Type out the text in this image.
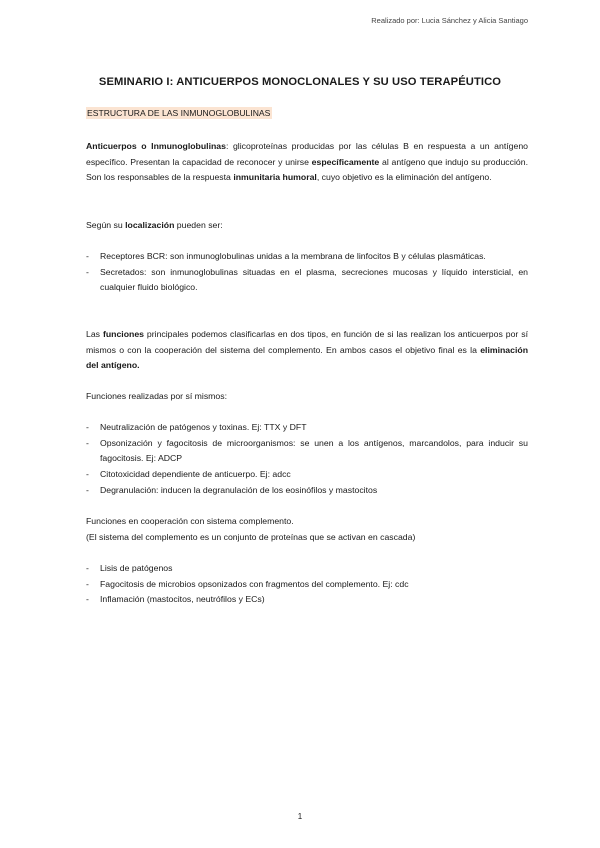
Realizado por: Lucia Sánchez y Alicia Santiago
SEMINARIO I: ANTICUERPOS MONOCLONALES Y SU USO TERAPÉUTICO
ESTRUCTURA DE LAS INMUNOGLOBULINAS

Anticuerpos o Inmunoglobulinas: glicoproteínas producidas por las células B en respuesta a un antígeno específico. Presentan la capacidad de reconocer y unirse específicamente al antígeno que indujo su producción. Son los responsables de la respuesta inmunitaria humoral, cuyo objetivo es la eliminación del antígeno.

Según su localización pueden ser:

- Receptores BCR: son inmunoglobulinas unidas a la membrana de linfocitos B y células plasmáticas.
- Secretados: son inmunoglobulinas situadas en el plasma, secreciones mucosas y líquido intersticial, en cualquier fluido biológico.

Las funciones principales podemos clasificarlas en dos tipos, en función de si las realizan los anticuerpos por sí mismos o con la cooperación del sistema del complemento. En ambos casos el objetivo final es la eliminación del antígeno.

Funciones realizadas por sí mismos:

- Neutralización de patógenos y toxinas. Ej: TTX y DFT
- Opsonización y fagocitosis de microorganismos: se unen a los antígenos, marcandolos, para inducir su fagocitosis. Ej: ADCP
- Citotoxicidad dependiente de anticuerpo. Ej: adcc
- Degranulación: inducen la degranulación de los eosinófilos y mastocitos

Funciones en cooperación con sistema complemento.

(El sistema del complemento es un conjunto de proteínas que se activan en cascada)

- Lisis de patógenos
- Fagocitosis de microbios opsonizados con fragmentos del complemento. Ej: cdc
- Inflamación (mastocitos, neutrófilos y ECs)
1
